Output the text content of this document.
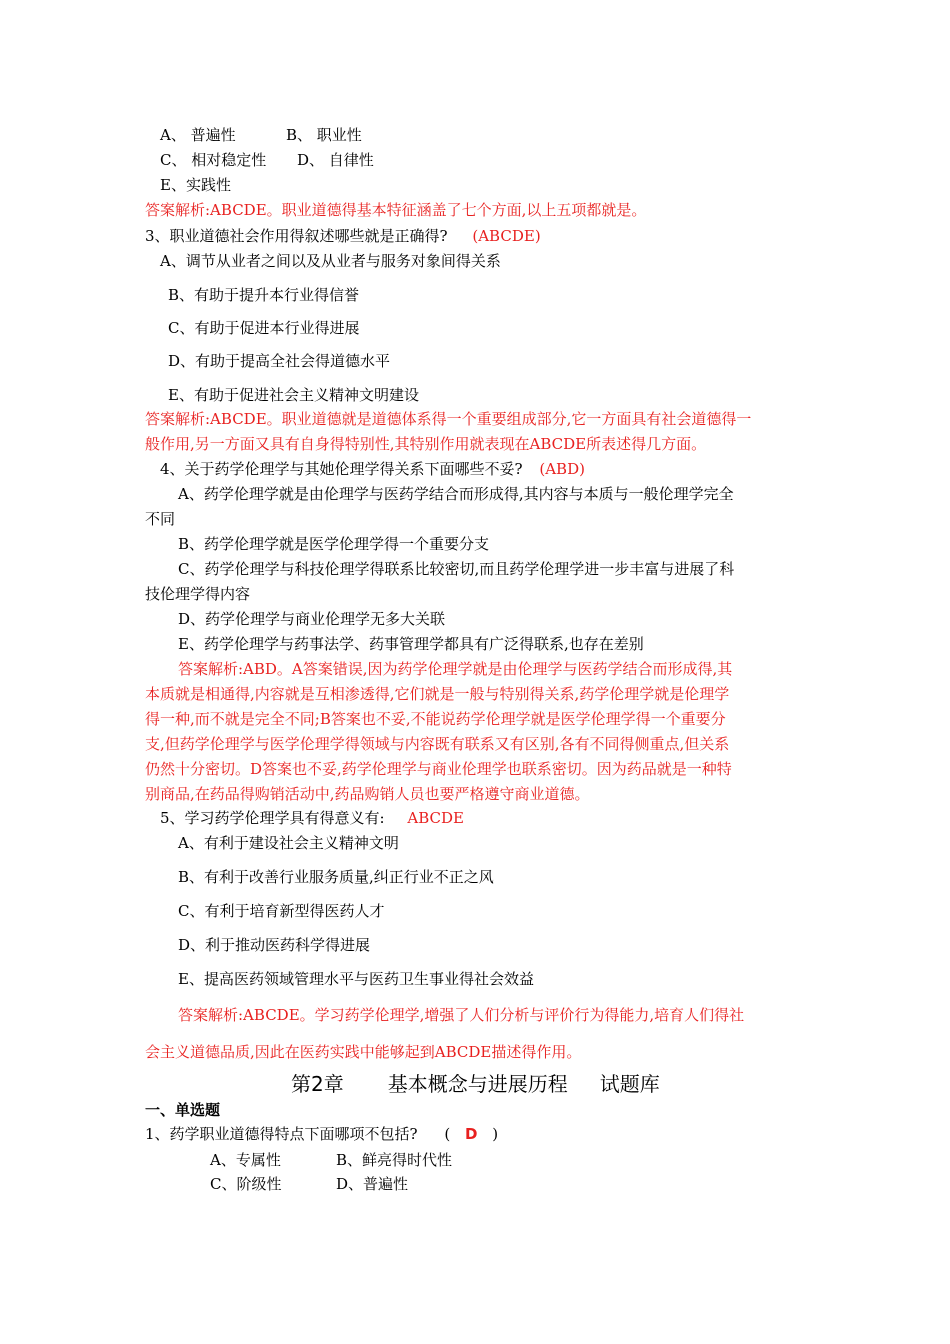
A、 普遍性	B、 职业性
C、 相对稳定性 D、 自律性
E、实践性
答案解析:ABCDE。职业道德得基本特征涵盖了七个方面,以上五项都就是。
3、职业道德社会作用得叙述哪些就是正确得? (ABCDE)
A、调节从业者之间以及从业者与服务对象间得关系
B、有助于提升本行业得信誉
C、有助于促进本行业得进展
D、有助于提高全社会得道德水平
E、有助于促进社会主义精神文明建设
答案解析:ABCDE。职业道德就是道德体系得一个重要组成部分,它一方面具有社会道德得一
般作用,另一方面又具有自身得特别性,其特别作用就表现在ABCDE所表述得几方面。
4、关于药学伦理学与其她伦理学得关系下面哪些不妥? (ABD)
A、药学伦理学就是由伦理学与医药学结合而形成得,其内容与本质与一般伦理学完全
不同
B、药学伦理学就是医学伦理学得一个重要分支
C、药学伦理学与科技伦理学得联系比较密切,而且药学伦理学进一步丰富与进展了科
技伦理学得内容
D、药学伦理学与商业伦理学无多大关联
E、药学伦理学与药事法学、药事管理学都具有广泛得联系,也存在差别
答案解析:ABD。A答案错误,因为药学伦理学就是由伦理学与医药学结合而形成得,其
本质就是相通得,内容就是互相渗透得,它们就是一般与特别得关系,药学伦理学就是伦理学
得一种,而不就是完全不同;B答案也不妥,不能说药学伦理学就是医学伦理学得一个重要分
支,但药学伦理学与医学伦理学得领域与内容既有联系又有区别,各有不同得侧重点,但关系
仍然十分密切。D答案也不妥,药学伦理学与商业伦理学也联系密切。因为药品就是一种特
别商品,在药品得购销活动中,药品购销人员也要严格遵守商业道德。
5、学习药学伦理学具有得意义有: ABCDE
A、有利于建设社会主义精神文明
B、有利于改善行业服务质量,纠正行业不正之风
C、有利于培育新型得医药人才
D、利于推动医药科学得进展
E、提高医药领域管理水平与医药卫生事业得社会效益
答案解析:ABCDE。学习药学伦理学,增强了人们分析与评价行为得能力,培育人们得社
会主义道德品质,因此在医药实践中能够起到ABCDE描述得作用。
第2章 基本概念与进展历程 试题库
一、单选题
1、药学职业道德得特点下面哪项不包括? ( D )
A、专属性	B、鲜亮得时代性
C、阶级性	D、普遍性
